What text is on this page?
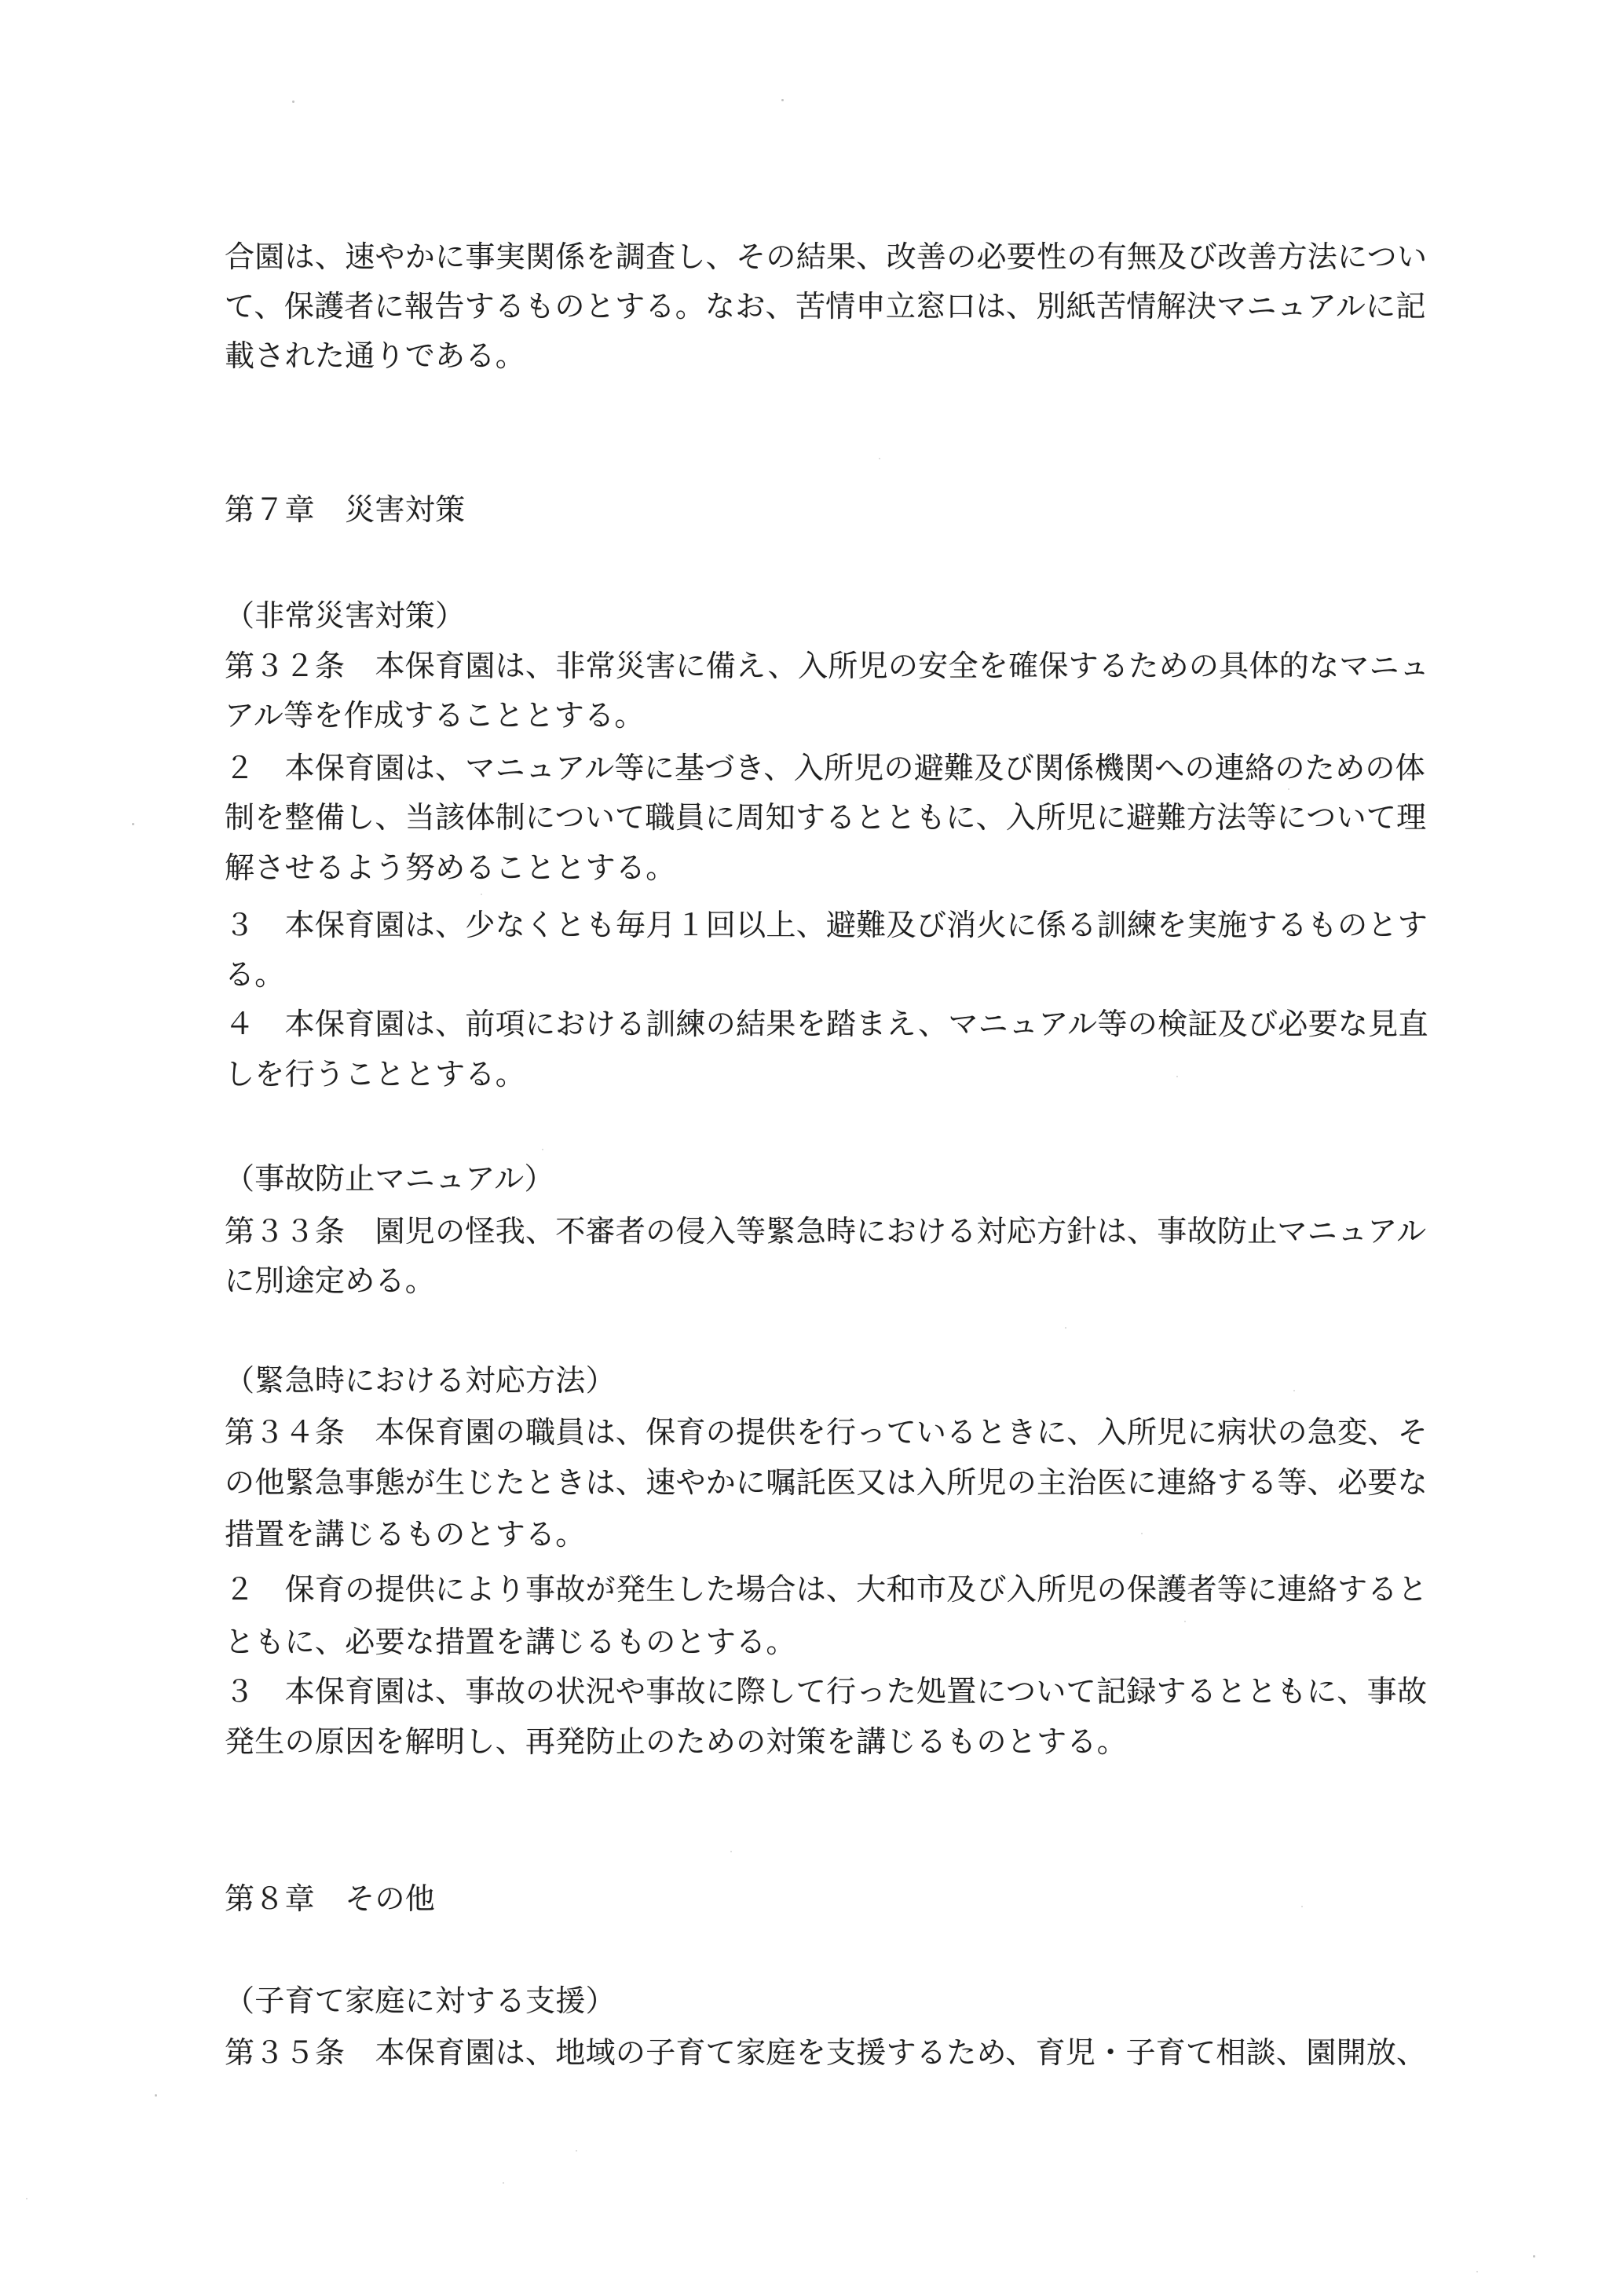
合園は、速やかに事実関係を調査し、その結果、改善の必要性の有無及び改善方法につい
て、保護者に報告するものとする。なお、苦情申立窓口は、別紙苦情解決マニュアルに記
載された通りである。
第７章　災害対策
（非常災害対策）
第３２条　本保育園は、非常災害に備え、入所児の安全を確保するための具体的なマニュ
アル等を作成することとする。
２　本保育園は、マニュアル等に基づき、入所児の避難及び関係機関への連絡のための体
制を整備し、当該体制について職員に周知するとともに、入所児に避難方法等について理
解させるよう努めることとする。
３　本保育園は、少なくとも毎月１回以上、避難及び消火に係る訓練を実施するものとす
る。
４　本保育園は、前項における訓練の結果を踏まえ、マニュアル等の検証及び必要な見直
しを行うこととする。
（事故防止マニュアル）
第３３条　園児の怪我、不審者の侵入等緊急時における対応方針は、事故防止マニュアル
に別途定める。
（緊急時における対応方法）
第３４条　本保育園の職員は、保育の提供を行っているときに、入所児に病状の急変、そ
の他緊急事態が生じたときは、速やかに嘱託医又は入所児の主治医に連絡する等、必要な
措置を講じるものとする。
２　保育の提供により事故が発生した場合は、大和市及び入所児の保護者等に連絡すると
ともに、必要な措置を講じるものとする。
３　本保育園は、事故の状況や事故に際して行った処置について記録するとともに、事故
発生の原因を解明し、再発防止のための対策を講じるものとする。
第８章　その他
（子育て家庭に対する支援）
第３５条　本保育園は、地域の子育て家庭を支援するため、育児・子育て相談、園開放、
